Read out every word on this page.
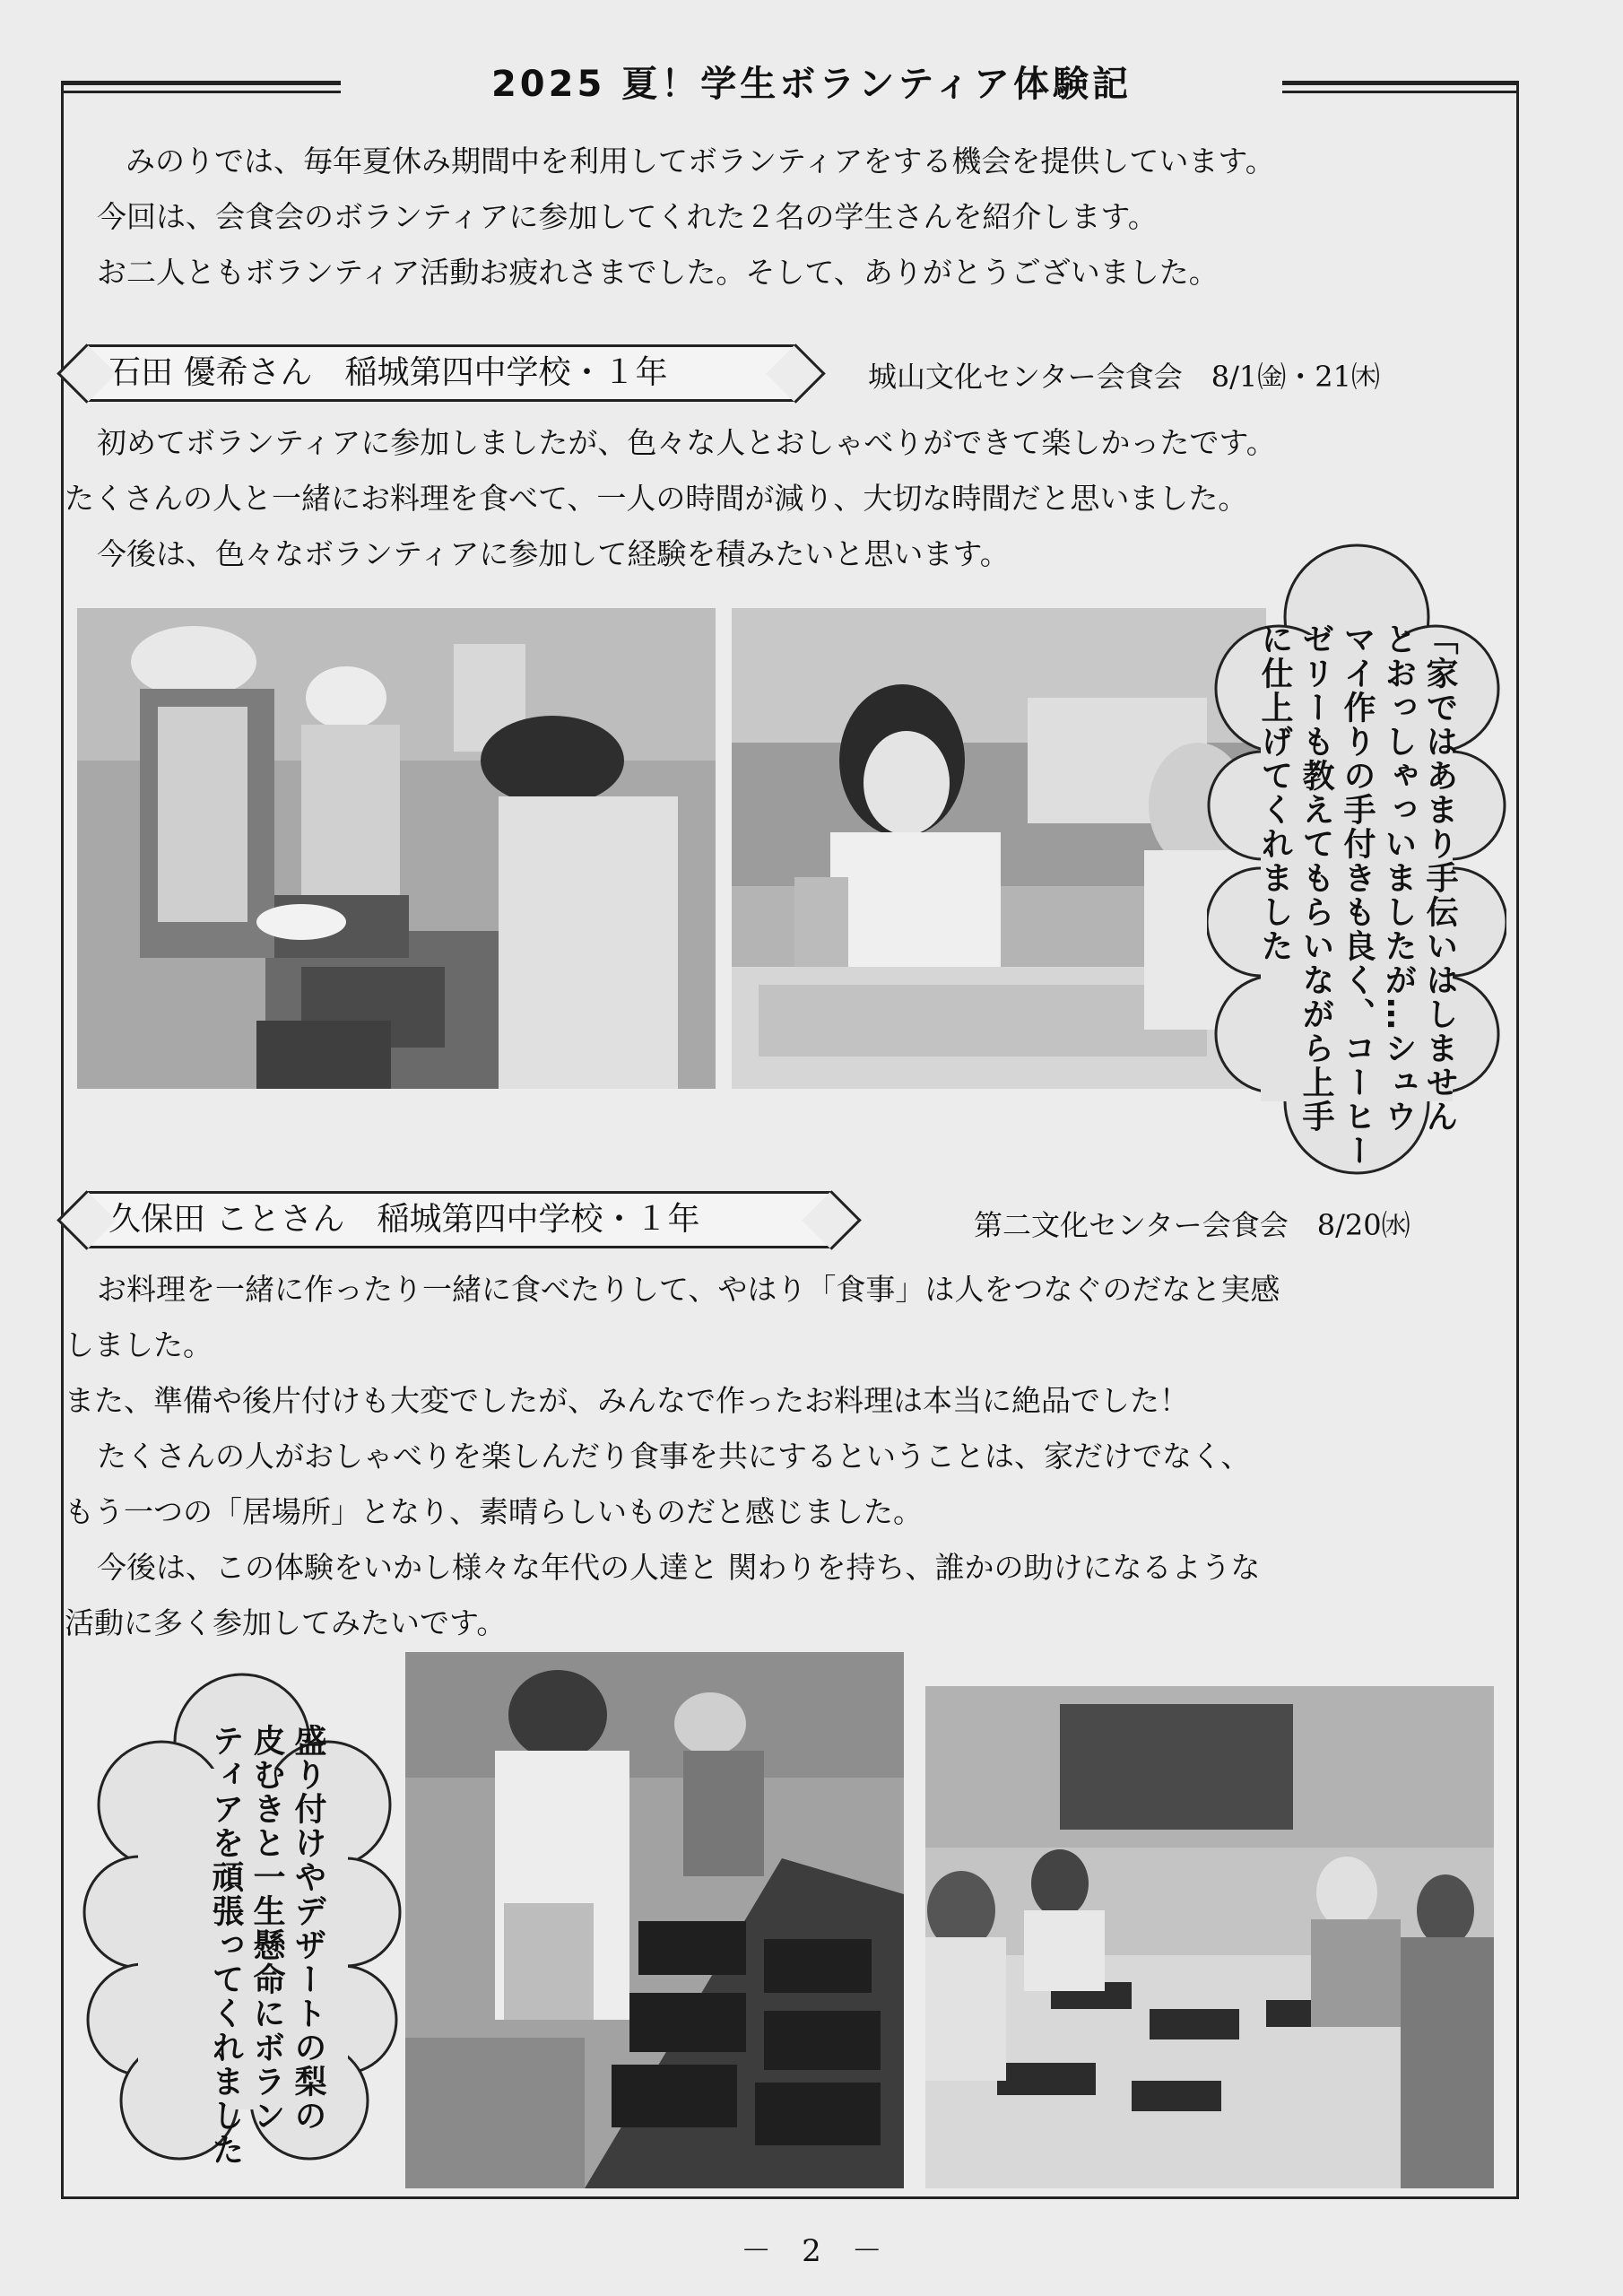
2025 夏！学生ボランティア体験記
みのりでは、毎年夏休み期間中を利用してボランティアをする機会を提供しています。
今回は、会食会のボランティアに参加してくれた２名の学生さんを紹介します。
お二人ともボランティア活動お疲れさまでした。そして、ありがとうございました。
石田 優希さん　稲城第四中学校・１年	城山文化センター会食会　8/1㈮・21㈭
初めてボランティアに参加しましたが、色々な人とおしゃべりができて楽しかったです。
たくさんの人と一緒にお料理を食べて、一人の時間が減り、大切な時間だと思いました。
今後は、色々なボランティアに参加して経験を積みたいと思います。
「家ではあまり手伝いはしません
とおっしゃっいましたが…シュウ
マイ作りの手付きも良く、コーヒー
ゼリーも教えてもらいながら上手
に仕上げてくれました
久保田 ことさん　稲城第四中学校・１年	第二文化センター会食会　8/20㈬
お料理を一緒に作ったり一緒に食べたりして、やはり「食事」は人をつなぐのだなと実感
しました。
また、準備や後片付けも大変でしたが、みんなで作ったお料理は本当に絶品でした！
たくさんの人がおしゃべりを楽しんだり食事を共にするということは、家だけでなく、
もう一つの「居場所」となり、素晴らしいものだと感じました。
今後は、この体験をいかし様々な年代の人達と 関わりを持ち、誰かの助けになるような
活動に多く参加してみたいです。
盛り付けやデザートの梨の
皮むきと一生懸命にボラン
ティアを頑張ってくれました
－　2　－
